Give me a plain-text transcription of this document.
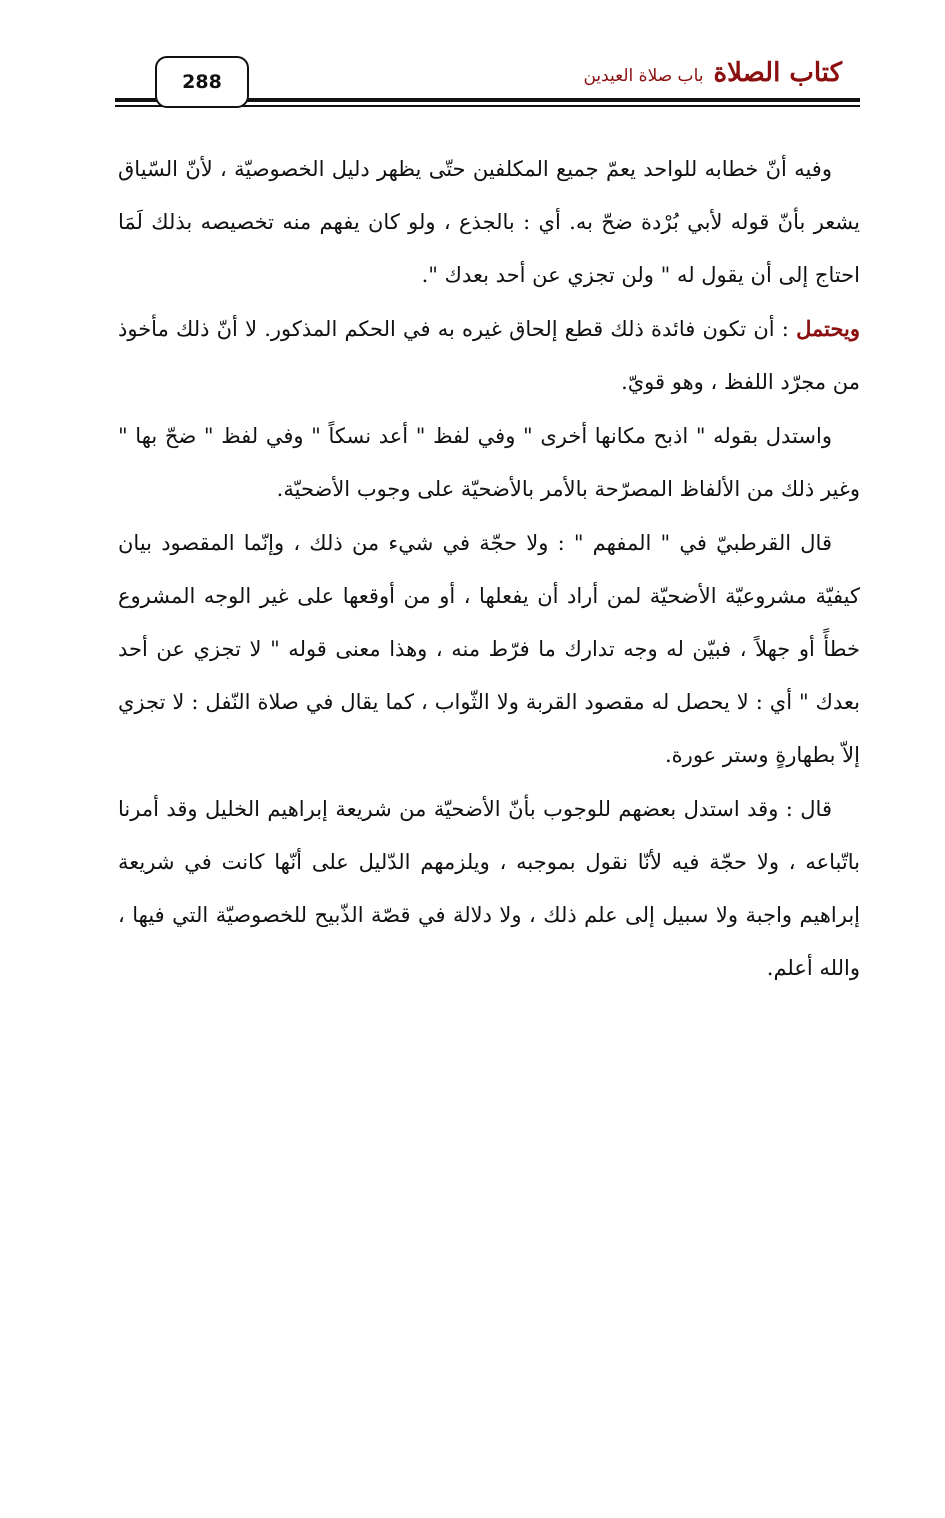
كتاب الصلاةباب صلاة العيدين
288

وفيه أنّ خطابه للواحد يعمّ جميع المكلفين حتّى يظهر دليل الخصوصيّة ، لأنّ السّياق يشعر بأنّ قوله لأبي بُرْدة ضحّ به. أي : بالجذع ، ولو كان يفهم منه تخصيصه بذلك لَمَا احتاج إلى أن يقول له " ولن تجزي عن أحد بعدك ".

ويحتمل : أن تكون فائدة ذلك قطع إلحاق غيره به في الحكم المذكور. لا أنّ ذلك مأخوذ من مجرّد اللفظ ، وهو قويّ.

واستدل بقوله " اذبح مكانها أخرى " وفي لفظ " أعد نسكاً " وفي لفظ " ضحّ بها " وغير ذلك من الألفاظ المصرّحة بالأمر بالأضحيّة على وجوب الأضحيّة.

قال القرطبيّ في " المفهم " : ولا حجّة في شيء من ذلك ، وإنّما المقصود بيان كيفيّة مشروعيّة الأضحيّة لمن أراد أن يفعلها ، أو من أوقعها على غير الوجه المشروع خطأً أو جهلاً ، فبيّن له وجه تدارك ما فرّط منه ، وهذا معنى قوله " لا تجزي عن أحد بعدك " أي : لا يحصل له مقصود القربة ولا الثّواب ، كما يقال في صلاة النّفل : لا تجزي إلاّ بطهارةٍ وستر عورة.

قال : وقد استدل بعضهم للوجوب بأنّ الأضحيّة من شريعة إبراهيم الخليل وقد أمرنا باتّباعه ، ولا حجّة فيه لأنّا نقول بموجبه ، ويلزمهم الدّليل على أنّها كانت في شريعة إبراهيم واجبة ولا سبيل إلى علم ذلك ، ولا دلالة في قصّة الذّبيح للخصوصيّة التي فيها ، والله أعلم.
